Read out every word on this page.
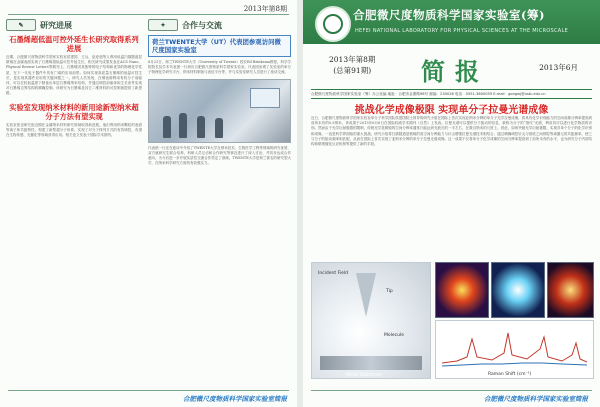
2013年第8期
✎	研究进展
石墨烯超低温可控外延生长研究取得系列进展
近期，合肥微尺度物质科学国家实验室侯建国、王兵、赵爱迪等人利用低温扫描隧道显微镜在金属表面实现了石墨烯超低温可控外延生长，相关研究成果发表在ACS Nano、Physical Review Letters等期刊上。石墨烯因其独特的电子结构和优异的物理化学性质，在下一代电子器件中具有广阔的应用前景。如何实现高质量石墨烯的低温可控生长，是实现其器件应用的关键问题之一。研究人员发现，在铜表面利用有机分子前驱体，可以在较低温度下制备出单层石墨烯纳米结构，并通过调控前驱体和生长条件实现对石墨烯边界结构的精确控制。该研究为石墨烯及其它二维材料的可控制备提供了新思路。
实验室发现纳米材料的新用途新型纳米超分子方法有望实现
实验室张忠研究组近期在金属纳米材料研究领域取得新进展。他们利用纳米颗粒的表面等离子体共振特性，构建了新型超分子体系，实现了对分子排列方式的有效调控，有望在生物传感、光催化等领域获得应用。相关论文发表于国际学术期刊。
✦	合作与交流
荷兰TWENTE大学（UT）代表团参观访问微尺度国家实验室
6月21日，荷兰TWENTE大学（University of Twente）校长Ed Brinksma教授、科学学院院长及学术代表团一行到访合肥微尺度物质科学国家实验室。代表团参观了实验室的单分子物理化学研究平台、纳米材料制备与表征平台等，并与实验室研究人员进行了座谈交流。
代表团一行还在座谈中介绍了TWENTE大学在纳米技术、生物医学工程等领域的研究优势，双方就研究生联合培养、科研人员互访和合作研究等事宜进行了深入讨论，并初步达成合作意向，为今后进一步开展实质性交流合作奠定了基础。TWENTE大学是荷兰著名的研究型大学，在纳米科学研究方面具有较强实力。
合肥微尺度物质科学国家实验室简报
合肥微尺度物质科学国家实验室(筹)
HEFEI NATIONAL LABORATORY FOR PHYSICAL SCIENCES AT THE MICROSCALE
2013年第8期
(总第91期) 简报	2013年6月
合肥微尺度物质科学国家实验室（筹）办公室编 地址：合肥市金寨路96号 邮编：230026 电话：0551-3600059 E-mail：gongwj@ustc.edu.cn
挑战化学成像极限 实现单分子拉曼光谱成像
近日，合肥微尺度物质科学国家实验室单分子科学团队侯建国院士领导的研究小组在国际上首次实现亚纳米分辨的单分子光学拉曼成像，将具有化学识别能力的空间成像分辨率提高到前所未有的0.5纳米。该成果于2013年6月6日在国际权威学术期刊《自然》上发表。拉曼光谱可以提供分子振动的信息，被称为分子的“指纹”光谱，利用其可以进行化学物质的识别。然而由于光学衍射极限的限制，传统光学显微镜的空间分辨率通常只能达到光波长的一半左右，在数百纳米的尺度上。因此，如何突破光学衍射极限、实现对单个分子的化学识别和成像，一直是科学界面临的重大挑战。研究小组将扫描隧道显微镜的高空间分辨能力与针尖增强拉曼光谱技术相结合，通过精确调控针尖与基底之间纳腔等离激元的共振频率，使之与分子的振动频率相匹配，从而在国际上首次实现了亚纳米分辨的单分子拉曼光谱成像。这一成果不仅将单分子化学成像的空间分辨率提高到了前所未有的水平，也为研究分子内部结构和微观催化反应机制等提供了新的手段。
Incident Field
Tip
Molecule
Metal Substrate	Raman Shift (cm⁻¹)
合肥微尺度物质科学国家实验室简报
